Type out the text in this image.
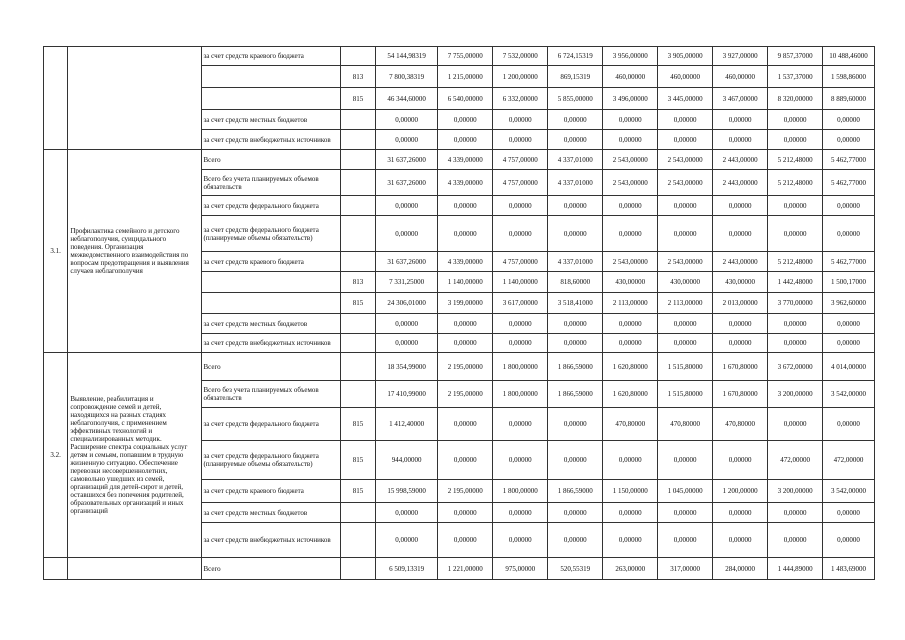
		за счет средств краевого бюджета		54 144,98319	7 755,00000	7 532,00000	6 724,15319	3 956,00000	3 905,00000	3 927,00000	9 857,37000	10 488,46000
			813	7 800,38319	1 215,00000	1 200,00000	869,15319	460,00000	460,00000	460,00000	1 537,37000	1 598,86000
			815	46 344,60000	6 540,00000	6 332,00000	5 855,00000	3 496,00000	3 445,00000	3 467,00000	8 320,00000	8 889,60000
		за счет средств местных бюджетов		0,00000	0,00000	0,00000	0,00000	0,00000	0,00000	0,00000	0,00000	0,00000
		за счет средств внебюджетных источников		0,00000	0,00000	0,00000	0,00000	0,00000	0,00000	0,00000	0,00000	0,00000
3.1.	Профилактика семейного и детского неблагополучия, суицидального поведения. Организация межведомственного взаимодействия по вопросам предотвращения и выявления случаев неблагополучия	Всего		31 637,26000	4 339,00000	4 757,00000	4 337,01000	2 543,00000	2 543,00000	2 443,00000	5 212,48000	5 462,77000
		Всего без учета планируемых объемов обязательств		31 637,26000	4 339,00000	4 757,00000	4 337,01000	2 543,00000	2 543,00000	2 443,00000	5 212,48000	5 462,77000
		за счет средств федерального бюджета		0,00000	0,00000	0,00000	0,00000	0,00000	0,00000	0,00000	0,00000	0,00000
		за счет средств федерального бюджета (планируемые объемы обязательств)		0,00000	0,00000	0,00000	0,00000	0,00000	0,00000	0,00000	0,00000	0,00000
		за счет средств краевого бюджета		31 637,26000	4 339,00000	4 757,00000	4 337,01000	2 543,00000	2 543,00000	2 443,00000	5 212,48000	5 462,77000
			813	7 331,25000	1 140,00000	1 140,00000	818,60000	430,00000	430,00000	430,00000	1 442,48000	1 500,17000
			815	24 306,01000	3 199,00000	3 617,00000	3 518,41000	2 113,00000	2 113,00000	2 013,00000	3 770,00000	3 962,60000
		за счет средств местных бюджетов		0,00000	0,00000	0,00000	0,00000	0,00000	0,00000	0,00000	0,00000	0,00000
		за счет средств внебюджетных источников		0,00000	0,00000	0,00000	0,00000	0,00000	0,00000	0,00000	0,00000	0,00000
3.2.	Выявление, реабилитация и сопровождение семей и детей, находящихся на разных стадиях неблагополучия, с применением эффективных технологий и специализированных методик. Расширение спектра социальных услуг детям и семьям, попавшим в трудную жизненную ситуацию. Обеспечение перевозки несовершеннолетних, самовольно ушедших из семей, организаций для детей-сирот и детей, оставшихся без попечения родителей, образовательных организаций и иных организаций	Всего		18 354,99000	2 195,00000	1 800,00000	1 866,59000	1 620,80000	1 515,80000	1 670,80000	3 672,00000	4 014,00000
		Всего без учета планируемых объемов обязательств		17 410,99000	2 195,00000	1 800,00000	1 866,59000	1 620,80000	1 515,80000	1 670,80000	3 200,00000	3 542,00000
		за счет средств федерального бюджета	815	1 412,40000	0,00000	0,00000	0,00000	470,80000	470,80000	470,80000	0,00000	0,00000
		за счет средств федерального бюджета (планируемые объемы обязательств)	815	944,00000	0,00000	0,00000	0,00000	0,00000	0,00000	0,00000	472,00000	472,00000
		за счет средств краевого бюджета	815	15 998,59000	2 195,00000	1 800,00000	1 866,59000	1 150,00000	1 045,00000	1 200,00000	3 200,00000	3 542,00000
		за счет средств местных бюджетов		0,00000	0,00000	0,00000	0,00000	0,00000	0,00000	0,00000	0,00000	0,00000
		за счет средств внебюджетных источников		0,00000	0,00000	0,00000	0,00000	0,00000	0,00000	0,00000	0,00000	0,00000
		Всего		6 509,13319	1 221,00000	975,00000	520,55319	263,00000	317,00000	284,00000	1 444,89000	1 483,69000
